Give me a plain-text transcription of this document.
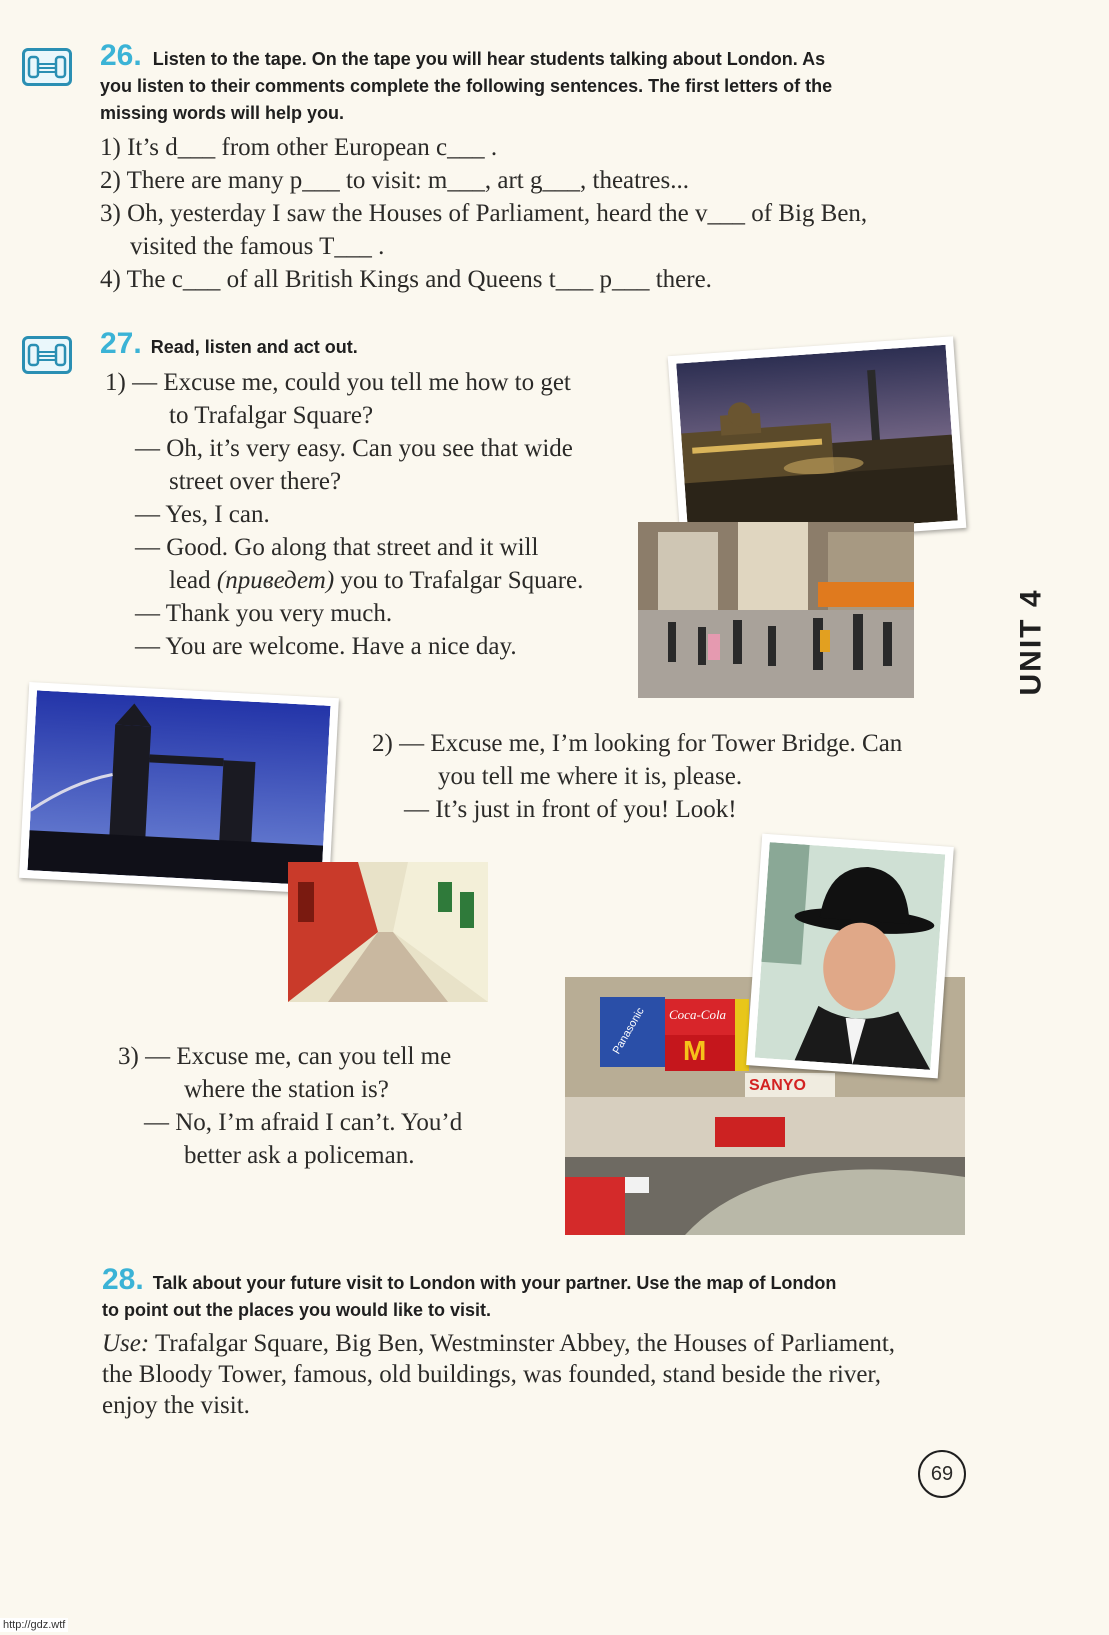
26. Listen to the tape. On the tape you will hear students talking about London. As
you listen to their comments complete the following sentences. The first letters of the
missing words will help you.
1) It’s d___ from other European c___ .
2) There are many p___ to visit: m___, art g___, theatres...
3) Oh, yesterday I saw the Houses of Parliament, heard the v___ of Big Ben,
visited the famous T___ .
4) The c___ of all British Kings and Queens t___ p___ there.
27. Read, listen and act out.
1) — Excuse me, could you tell me how to get
to Trafalgar Square?
— Oh, it’s very easy. Can you see that wide
street over there?
— Yes, I can.
— Good. Go along that street and it will
lead (приведет) you to Trafalgar Square.
— Thank you very much.
— You are welcome. Have a nice day.	UNIT 4
2) — Excuse me, I’m looking for Tower Bridge. Can
you tell me where it is, please.
— It’s just in front of you! Look!
Panasonic Coca-Cola
M
SANYO
3) — Excuse me, can you tell me
where the station is?
— No, I’m afraid I can’t. You’d
better ask a policeman.
28. Talk about your future visit to London with your partner. Use the map of London
to point out the places you would like to visit.
Use: Trafalgar Square, Big Ben, Westminster Abbey, the Houses of Parliament,
the Bloody Tower, famous, old buildings, was founded, stand beside the river,
enjoy the visit.
69
http://gdz.wtf
